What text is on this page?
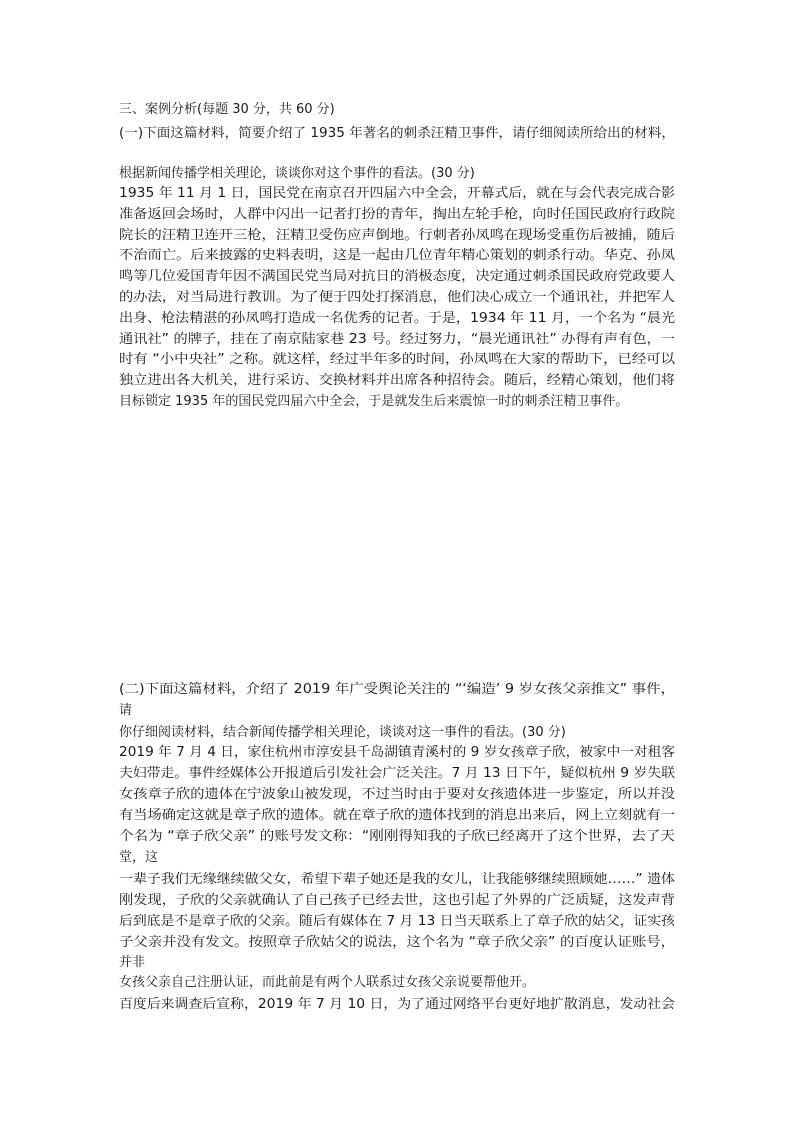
三、案例分析(每题 30 分，共 60 分)
(一)下面这篇材料，简要介绍了 1935 年著名的刺杀汪精卫事件，请仔细阅读所给出的材料，
根据新闻传播学相关理论，谈谈你对这个事件的看法。(30 分)
1935 年 11 月 1 日，国民党在南京召开四届六中全会，开幕式后，就在与会代表完成合影
准备返回会场时，人群中闪出一记者打扮的青年，掏出左轮手枪，向时任国民政府行政院
院长的汪精卫连开三枪，汪精卫受伤应声倒地。行刺者孙凤鸣在现场受重伤后被捕，随后
不治而亡。后来披露的史料表明，这是一起由几位青年精心策划的刺杀行动。华克、孙凤
鸣等几位爱国青年因不满国民党当局对抗日的消极态度，决定通过刺杀国民政府党政要人
的办法，对当局进行教训。为了便于四处打探消息，他们决心成立一个通讯社，并把军人
出身、枪法精湛的孙凤鸣打造成一名优秀的记者。于是，1934 年 11 月，一个名为 “晨光
通讯社” 的牌子，挂在了南京陆家巷 23 号。经过努力，“晨光通讯社” 办得有声有色，一
时有 “小中央社” 之称。就这样，经过半年多的时间，孙凤鸣在大家的帮助下，已经可以
独立进出各大机关，进行采访、交换材料并出席各种招待会。随后，经精心策划，他们将
目标锁定 1935 年的国民党四届六中全会，于是就发生后来震惊一时的刺杀汪精卫事件。
(二)下面这篇材料，介绍了 2019 年广受舆论关注的 “‘编造’ 9 岁女孩父亲推文” 事件，
请
你仔细阅读材料，结合新闻传播学相关理论，谈谈对这一事件的看法。(30 分)
2019 年 7 月 4 日，家住杭州市淳安县千岛湖镇青溪村的 9 岁女孩章子欣，被家中一对租客
夫妇带走。事件经媒体公开报道后引发社会广泛关注。7 月 13 日下午，疑似杭州 9 岁失联
女孩章子欣的遗体在宁波象山被发现，不过当时由于要对女孩遗体进一步鉴定，所以并没
有当场确定这就是章子欣的遗体。就在章子欣的遗体找到的消息出来后，网上立刻就有一
个名为 “章子欣父亲” 的账号发文称：“刚刚得知我的子欣已经离开了这个世界，去了天
堂，这
一辈子我们无缘继续做父女，希望下辈子她还是我的女儿，让我能够继续照顾她……” 遗体
刚发现，子欣的父亲就确认了自己孩子已经去世，这也引起了外界的广泛质疑，这发声背
后到底是不是章子欣的父亲。随后有媒体在 7 月 13 日当天联系上了章子欣的姑父，证实孩
子父亲并没有发文。按照章子欣姑父的说法，这个名为 “章子欣父亲” 的百度认证账号，
并非
女孩父亲自己注册认证，而此前是有两个人联系过女孩父亲说要帮他开。
百度后来调查后宣称，2019 年 7 月 10 日，为了通过网络平台更好地扩散消息，发动社会
